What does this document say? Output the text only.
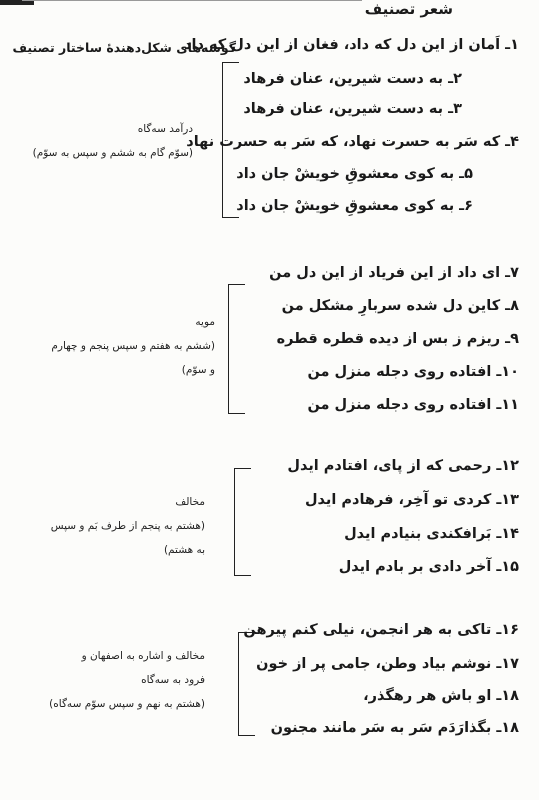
شعر تصنیف
گوشه‌های شکل‌دهندهٔ ساختار تصنیف
درآمد سه‌گاه
(سوّم گام به ششم و سپس به سوّم)
۱ـ اَمان از این دل که داد، فغان از این دل که داد
۲ـ به دست شیرین، عنان فرهاد
۳ـ به دست شیرین، عنان فرهاد
۴ـ که سَر به حسرت نهاد، که سَر به حسرت نهاد
۵ـ به کوی معشوقِ خویشْ جان داد
۶ـ به کوی معشوقِ خویشْ جان داد
مویه
(ششم به هفتم و سپس پنجم و چهارم
و سوّم)
۷ـ ای داد از این فریاد از این دل من
۸ـ کاین دل شده سربارِ مشکل من
۹ـ ریزم ز بس از دیده قطره قطره
۱۰ـ افتاده روی دجله منزل من
۱۱ـ افتاده روی دجله منزل من
مخالف
(هشتم به پنجم از طرف بَم و سپس
به هشتم)
۱۲ـ رحمی که از پای، افتادم ایدل
۱۳ـ کردی تو آخِر، فرهادم ایدل
۱۴ـ بَرافکندی بنیادم ایدل
۱۵ـ آخر دادی بر بادم ایدل
مخالف و اشاره به اصفهان و
فرود به سه‌گاه
(هشتم به نهم و سپس سوّم سه‌گاه)
۱۶ـ تاکی به هر انجمن، نیلی کنم پیرهن
۱۷ـ نوشم بیاد وطن، جامی پر از خون
۱۸ـ او باش هر رهگذر،
۱۸ـ بگذارَدَم سَر به سَر مانند مجنون
